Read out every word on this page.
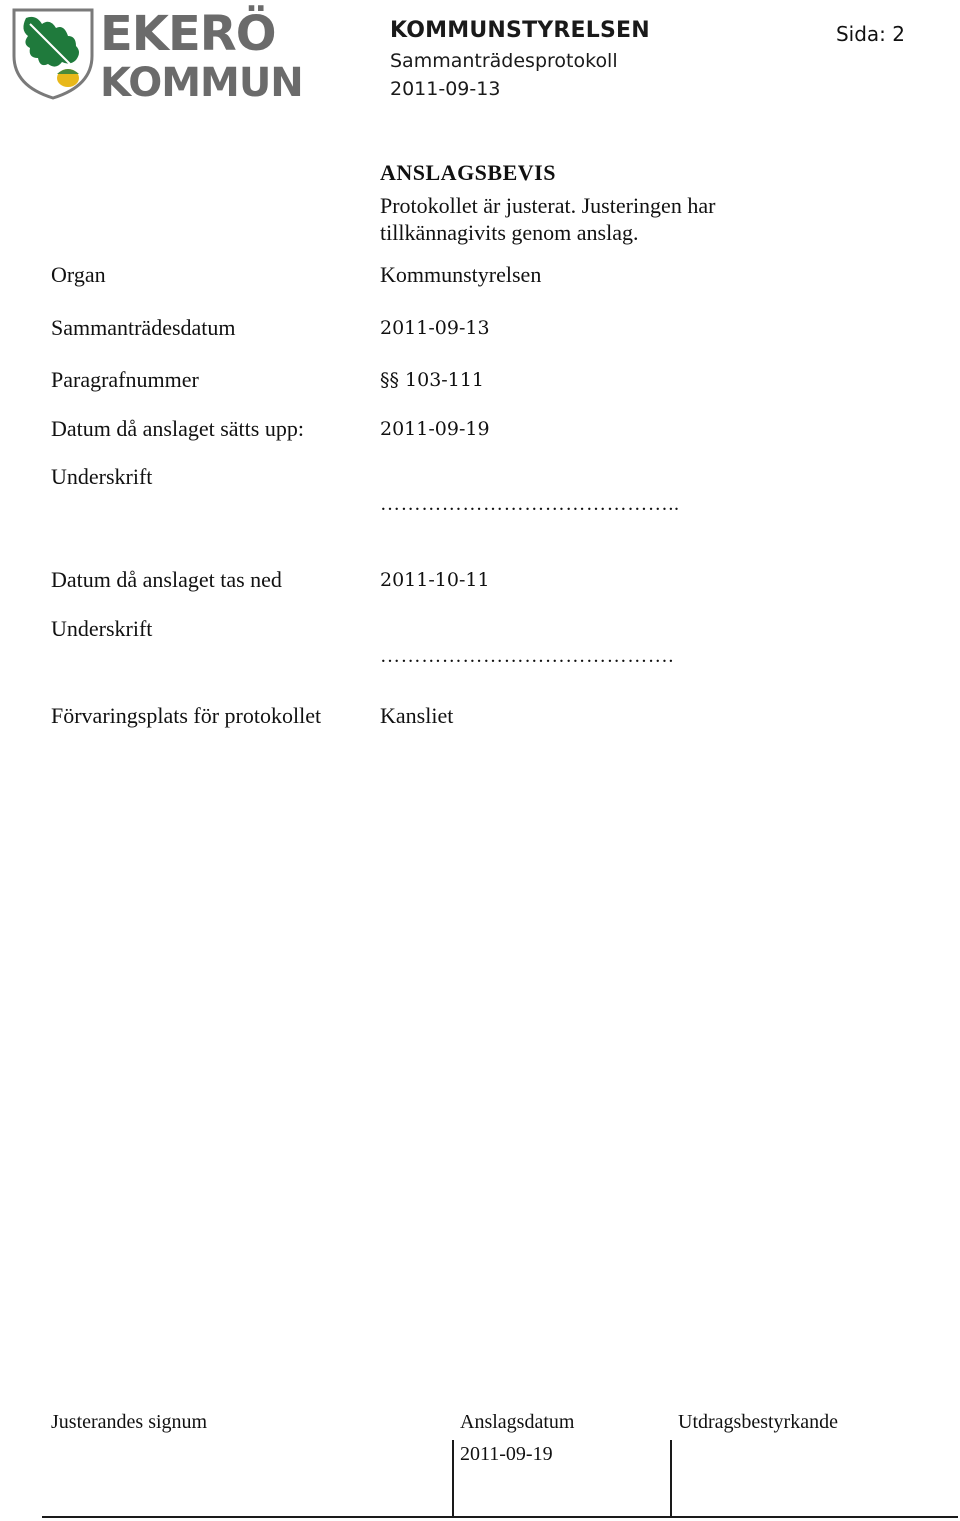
EKERÖ
KOMMUN
KOMMUNSTYRELSEN
Sammanträdesprotokoll
2011-09-13
Sida: 2
ANSLAGSBEVIS
Protokollet är justerat. Justeringen har
tillkännagivits genom anslag.
Organ	Kommunstyrelsen
Sammanträdesdatum	2011-09-13
Paragrafnummer	§§ 103-111
Datum då anslaget sätts upp:	2011-09-19
Underskrift
……………………………………..
Datum då anslaget tas ned	2011-10-11
Underskrift
…………………………………….
Förvaringsplats för protokollet	Kansliet
Justerandes signum	Anslagsdatum	Utdragsbestyrkande
2011-09-19
